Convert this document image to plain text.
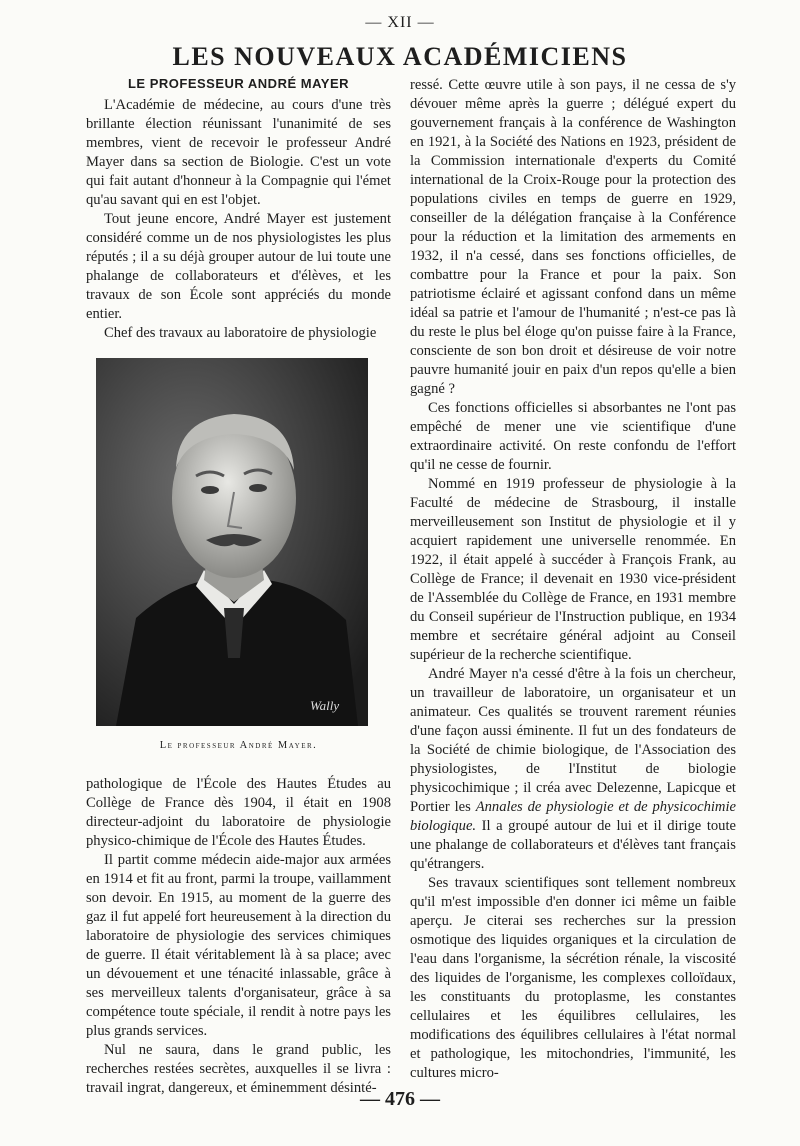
— XII —
LES NOUVEAUX ACADÉMICIENS
LE PROFESSEUR ANDRÉ MAYER

L'Académie de médecine, au cours d'une très brillante élection réunissant l'unanimité de ses membres, vient de recevoir le professeur André Mayer dans sa section de Biologie. C'est un vote qui fait autant d'honneur à la Compagnie qui l'émet qu'au savant qui en est l'objet.

Tout jeune encore, André Mayer est justement considéré comme un de nos physiologistes les plus réputés ; il a su déjà grouper autour de lui toute une phalange de collaborateurs et d'élèves, et les travaux de son École sont appréciés du monde entier.

Chef des travaux au laboratoire de physiologie

Wally
Le professeur André Mayer.

pathologique de l'École des Hautes Études au Collège de France dès 1904, il était en 1908 directeur-adjoint du laboratoire de physiologie physico-chimique de l'École des Hautes Études.

Il partit comme médecin aide-major aux armées en 1914 et fit au front, parmi la troupe, vaillamment son devoir. En 1915, au moment de la guerre des gaz il fut appelé fort heureusement à la direction du laboratoire de physiologie des services chimiques de guerre. Il était véritablement là à sa place; avec un dévouement et une ténacité inlassable, grâce à ses merveilleux talents d'organisateur, grâce à sa compétence toute spéciale, il rendit à notre pays les plus grands services.

Nul ne saura, dans le grand public, les recherches restées secrètes, auxquelles il se livra : travail ingrat, dangereux, et éminemment désinté-

ressé. Cette œuvre utile à son pays, il ne cessa de s'y dévouer même après la guerre ; délégué expert du gouvernement français à la conférence de Washington en 1921, à la Société des Nations en 1923, président de la Commission internationale d'experts du Comité international de la Croix-Rouge pour la protection des populations civiles en temps de guerre en 1929, conseiller de la délégation française à la Conférence pour la réduction et la limitation des armements en 1932, il n'a cessé, dans ses fonctions officielles, de combattre pour la France et pour la paix. Son patriotisme éclairé et agissant confond dans un même idéal sa patrie et l'amour de l'humanité ; n'est-ce pas là du reste le plus bel éloge qu'on puisse faire à la France, consciente de son bon droit et désireuse de voir notre pauvre humanité jouir en paix d'un repos qu'elle a bien gagné ?

Ces fonctions officielles si absorbantes ne l'ont pas empêché de mener une vie scientifique d'une extraordinaire activité. On reste confondu de l'effort qu'il ne cesse de fournir.

Nommé en 1919 professeur de physiologie à la Faculté de médecine de Strasbourg, il installe merveilleusement son Institut de physiologie et il y acquiert rapidement une universelle renommée. En 1922, il était appelé à succéder à François Frank, au Collège de France; il devenait en 1930 vice-président de l'Assemblée du Collège de France, en 1931 membre du Conseil supérieur de l'Instruction publique, en 1934 membre et secrétaire général adjoint au Conseil supérieur de la recherche scientifique.

André Mayer n'a cessé d'être à la fois un chercheur, un travailleur de laboratoire, un organisateur et un animateur. Ces qualités se trouvent rarement réunies d'une façon aussi éminente. Il fut un des fondateurs de la Société de chimie biologique, de l'Association des physiologistes, de l'Institut de biologie physicochimique ; il créa avec Delezenne, Lapicque et Portier les Annales de physiologie et de physicochimie biologique. Il a groupé autour de lui et il dirige toute une phalange de collaborateurs et d'élèves tant français qu'étrangers.

Ses travaux scientifiques sont tellement nombreux qu'il m'est impossible d'en donner ici même un faible aperçu. Je citerai ses recherches sur la pression osmotique des liquides organiques et la circulation de l'eau dans l'organisme, la sécrétion rénale, la viscosité des liquides de l'organisme, les complexes colloïdaux, les constituants du protoplasme, les constantes cellulaires et les équilibres cellulaires, les modifications des équilibres cellulaires à l'état normal et pathologique, les mitochondries, l'immunité, les cultures micro-

— 476 —
